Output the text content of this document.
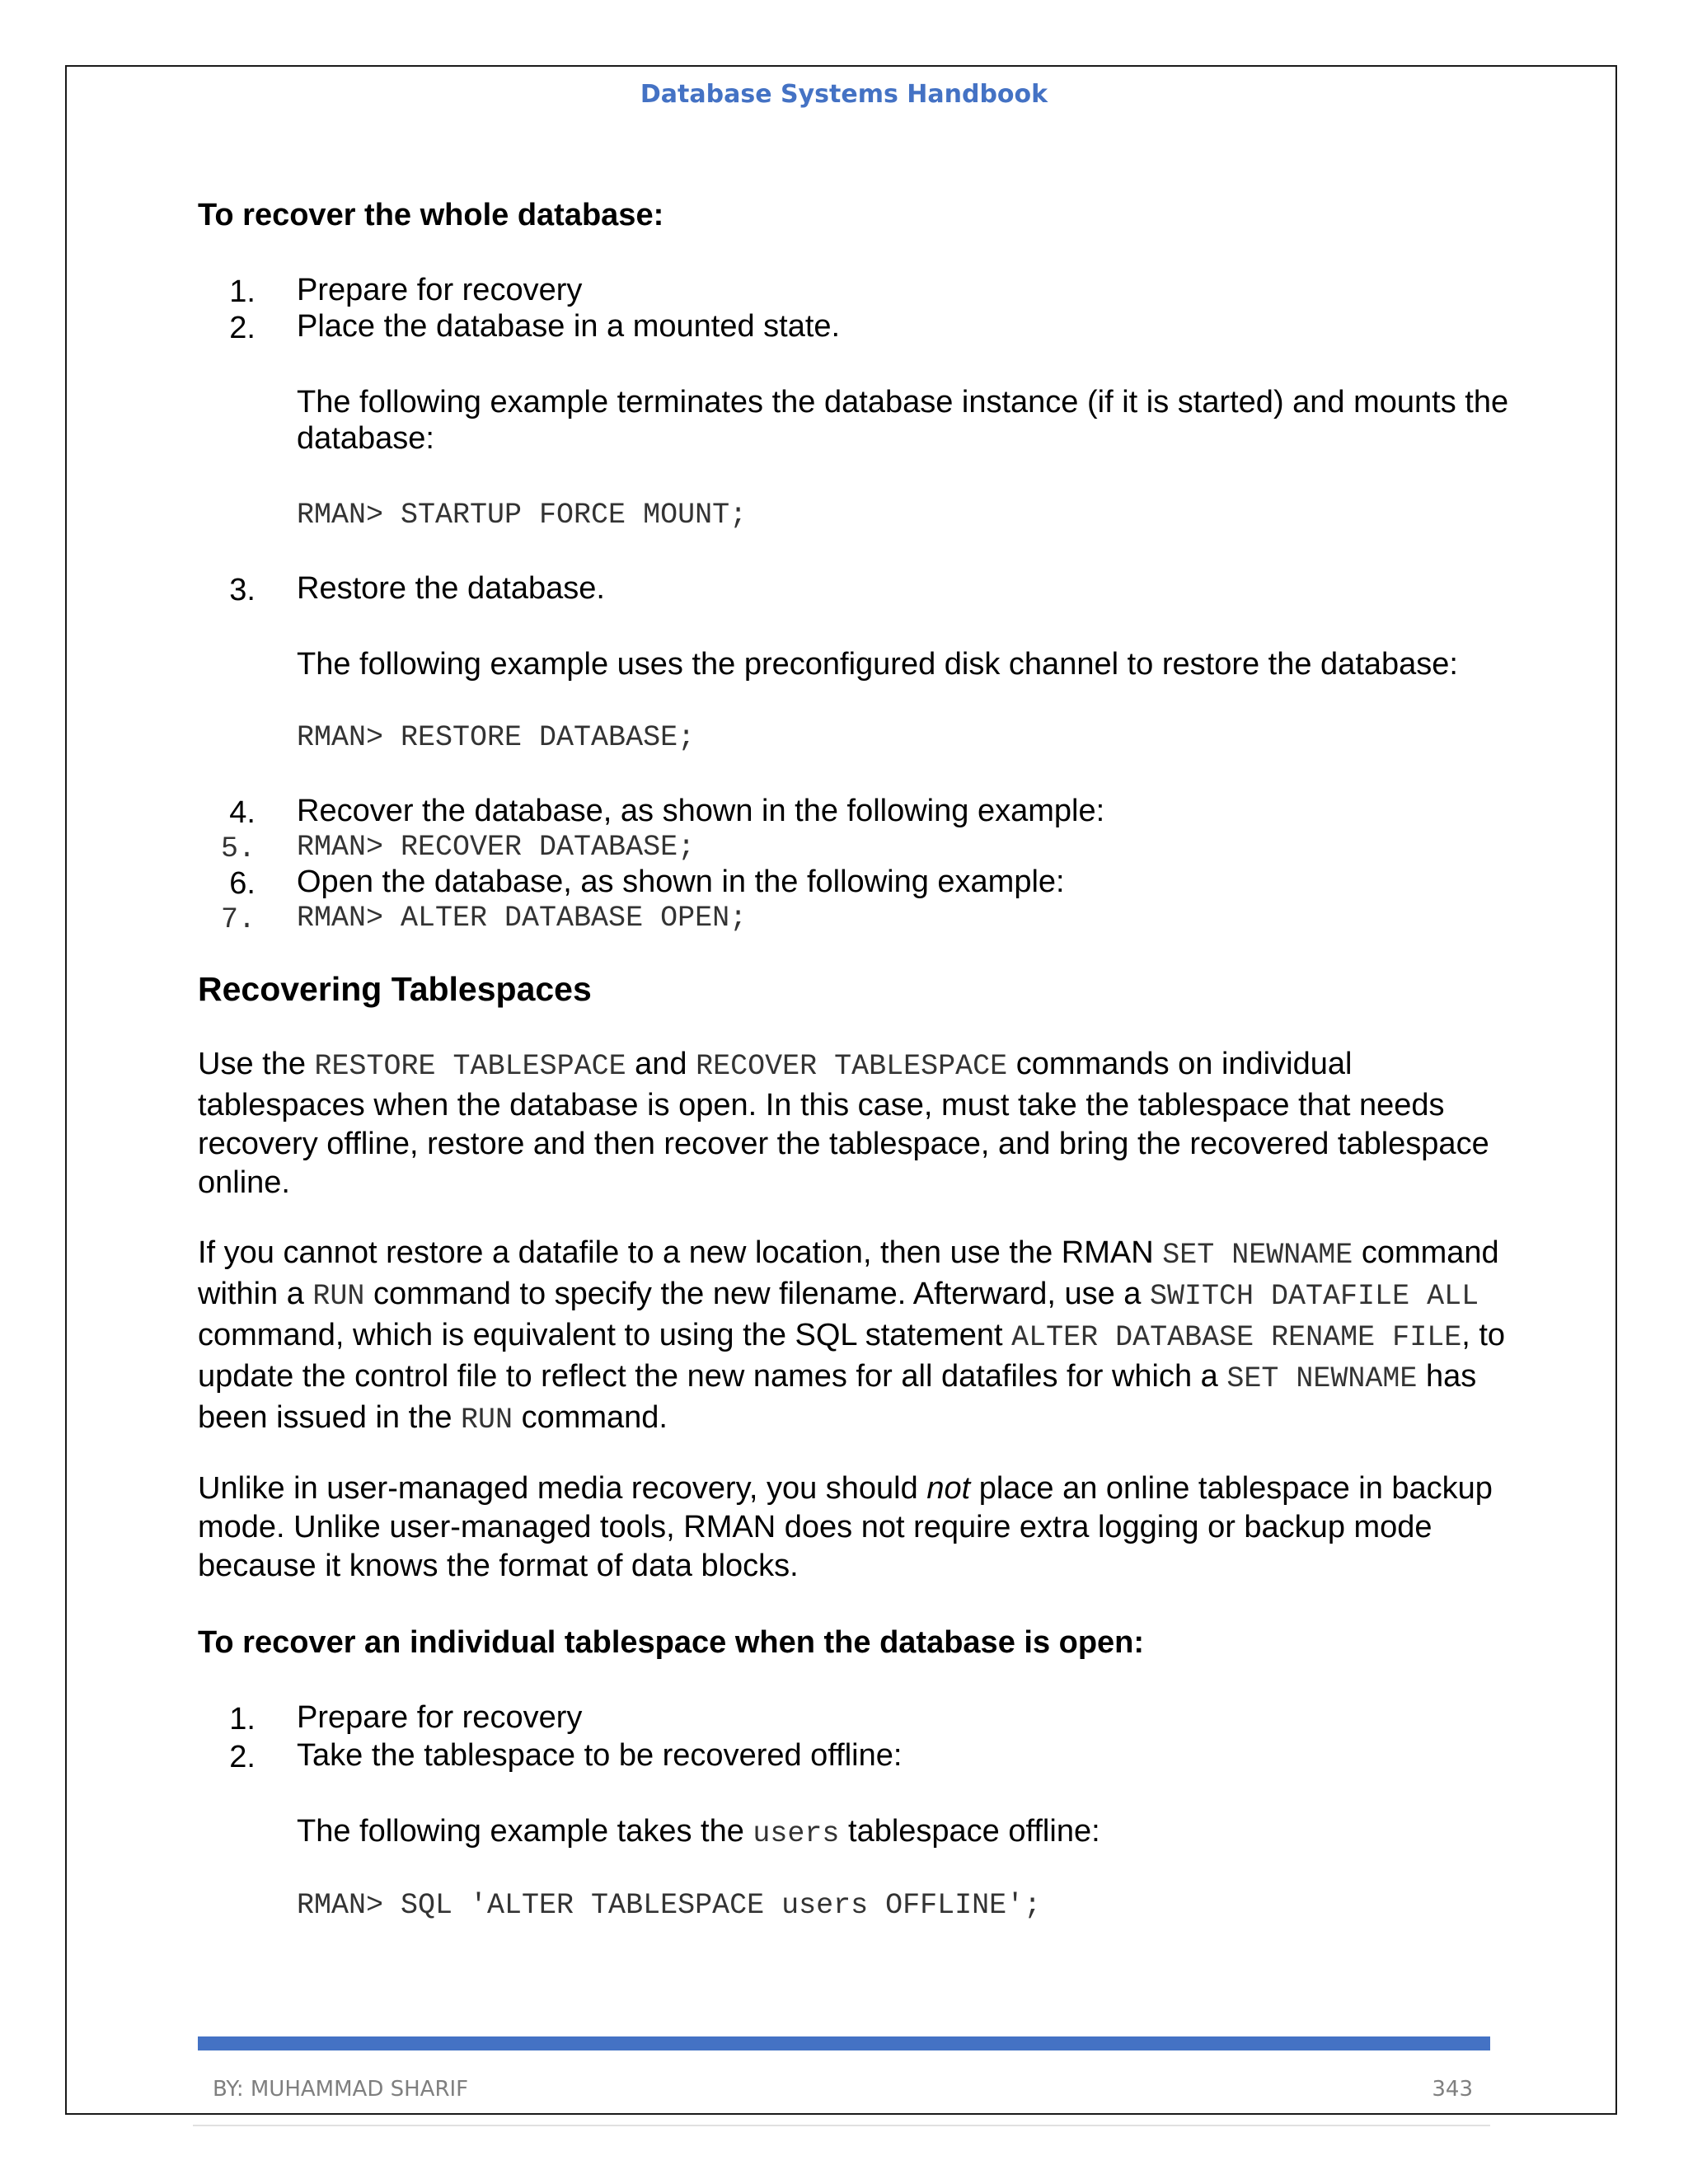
Database Systems Handbook
To recover the whole database:
1. Prepare for recovery
2. Place the database in a mounted state.
The following example terminates the database instance (if it is started) and mounts the
database:
RMAN> STARTUP FORCE MOUNT;
3. Restore the database.
The following example uses the preconfigured disk channel to restore the database:
RMAN> RESTORE DATABASE;
4. Recover the database, as shown in the following example:
5. RMAN> RECOVER DATABASE;
6. Open the database, as shown in the following example:
7. RMAN> ALTER DATABASE OPEN;
Recovering Tablespaces
Use the RESTORE TABLESPACE and RECOVER TABLESPACE commands on individual tablespaces when the database is open. In this case, must take the tablespace that needs recovery offline, restore and then recover the tablespace, and bring the recovered tablespace online.
If you cannot restore a datafile to a new location, then use the RMAN SET NEWNAME command within a RUN command to specify the new filename. Afterward, use a SWITCH DATAFILE ALL command, which is equivalent to using the SQL statement ALTER DATABASE RENAME FILE, to update the control file to reflect the new names for all datafiles for which a SET NEWNAME has been issued in the RUN command.
Unlike in user-managed media recovery, you should not place an online tablespace in backup mode. Unlike user-managed tools, RMAN does not require extra logging or backup mode because it knows the format of data blocks.
To recover an individual tablespace when the database is open:
1. Prepare for recovery
2. Take the tablespace to be recovered offline:
The following example takes the users tablespace offline:
RMAN> SQL 'ALTER TABLESPACE users OFFLINE';
BY: MUHAMMAD SHARIF	343
